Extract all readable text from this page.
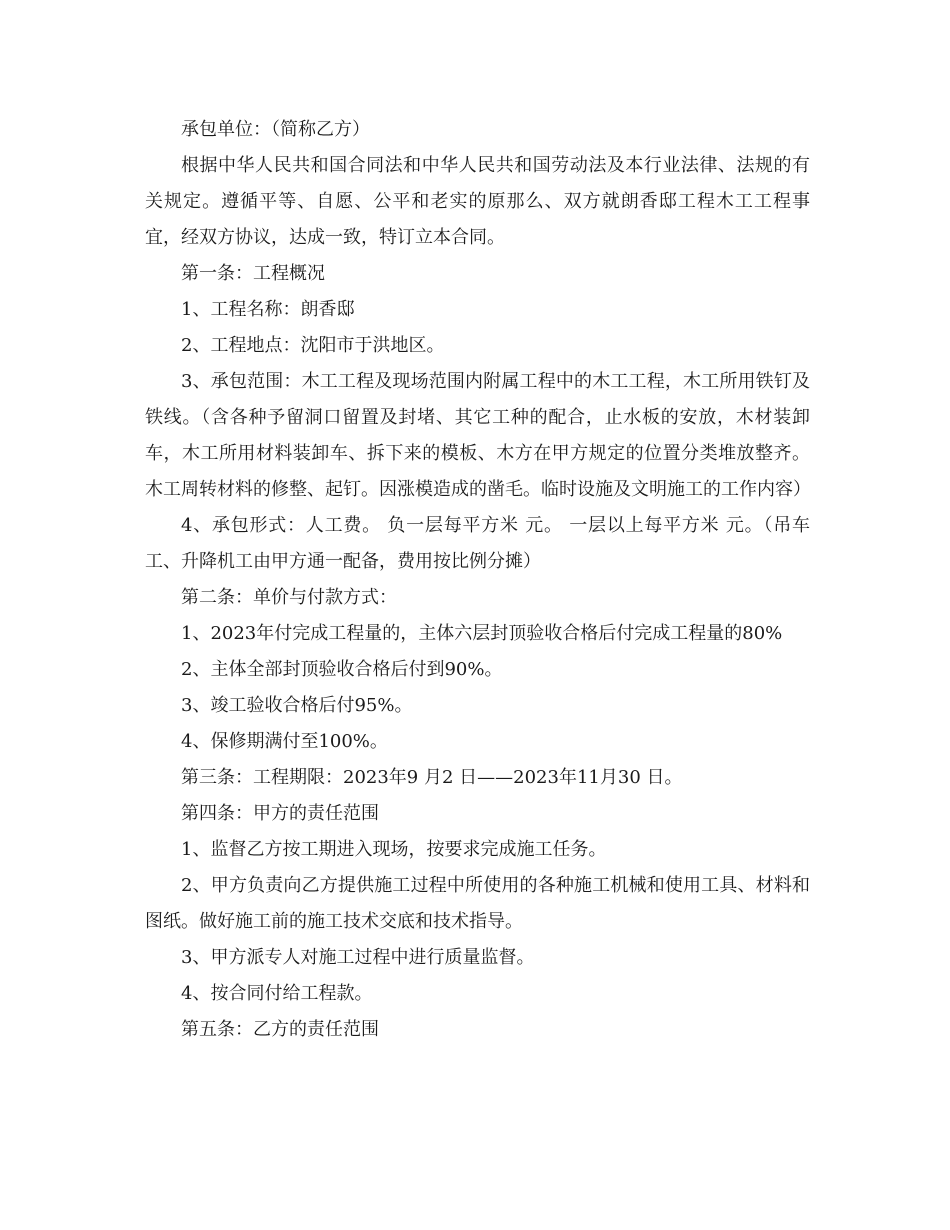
承包单位：（简称乙方）

根据中华人民共和国合同法和中华人民共和国劳动法及本行业法律、法规的有关规定。遵循平等、自愿、公平和老实的原那么、双方就朗香邸工程木工工程事宜，经双方协议，达成一致，特订立本合同。

第一条：工程概况

1、工程名称：朗香邸

2、工程地点：沈阳市于洪地区。

3、承包范围：木工工程及现场范围内附属工程中的木工工程，木工所用铁钉及铁线。（含各种予留洞口留置及封堵、其它工种的配合，止水板的安放，木材装卸车，木工所用材料装卸车、拆下来的模板、木方在甲方规定的位置分类堆放整齐。木工周转材料的修整、起钉。因涨模造成的凿毛。临时设施及文明施工的工作内容）

4、承包形式：人工费。 负一层每平方米 元。 一层以上每平方米 元。（吊车工、升降机工由甲方通一配备，费用按比例分摊）

第二条：单价与付款方式：

1、2023年付完成工程量的，主体六层封顶验收合格后付完成工程量的80%

2、主体全部封顶验收合格后付到90%。

3、竣工验收合格后付95%。

4、保修期满付至100%。

第三条：工程期限：2023年9 月2 日——2023年11月30 日。

第四条：甲方的责任范围

1、监督乙方按工期进入现场，按要求完成施工任务。

2、甲方负责向乙方提供施工过程中所使用的各种施工机械和使用工具、材料和图纸。做好施工前的施工技术交底和技术指导。

3、甲方派专人对施工过程中进行质量监督。

4、按合同付给工程款。

第五条：乙方的责任范围
